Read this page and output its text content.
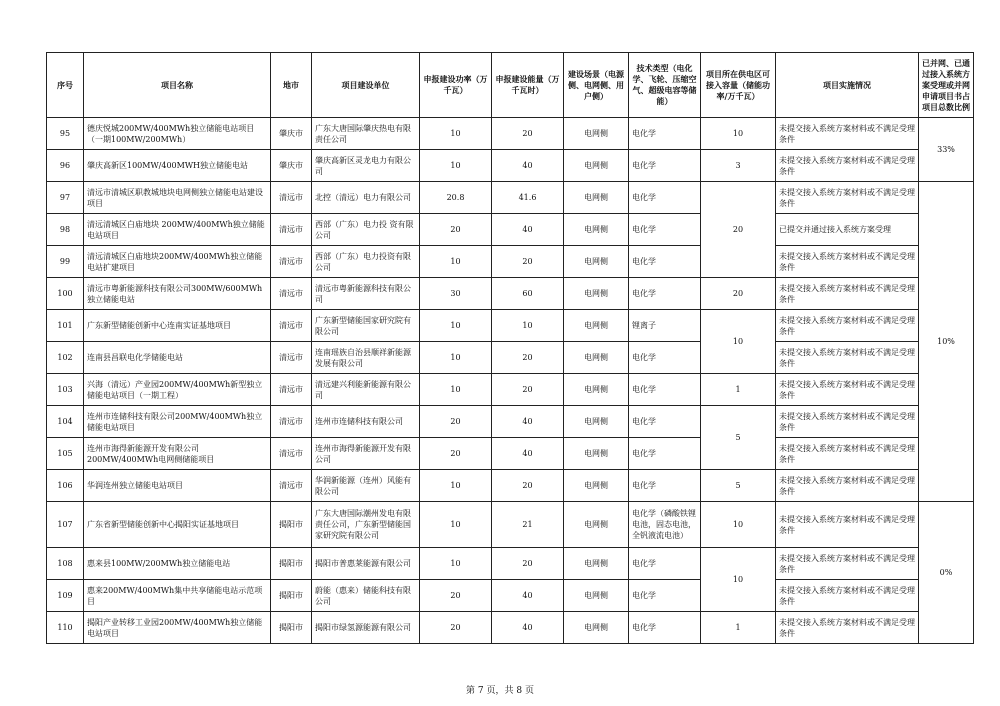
序号	项目名称	地市	项目建设单位	申报建设功率（万千瓦）	申报建设能量（万千瓦时）	建设场景（电源侧、电网侧、用户侧）	技术类型（电化学、飞轮、压缩空气、超级电容等储能）	项目所在供电区可接入容量（储能功率/万千瓦）	项目实施情况	已并网、已通过接入系统方案受理或并网申请项目书占项目总数比例
95	德庆悦城200MW/400MWh独立储能电站项目（一期100MW/200MWh）	肇庆市	广东大唐国际肇庆热电有限责任公司	10	20	电网侧	电化学	10	未提交接入系统方案材料或不满足受理条件	33%
96	肇庆高新区100MW/400MWH独立储能电站	肇庆市	肇庆高新区灵龙电力有限公司	10	40	电网侧	电化学	3	未提交接入系统方案材料或不满足受理条件	
97	清远市清城区职教城地块电网侧独立储能电站建设项目	清远市	北控（清远）电力有限公司	20.8	41.6	电网侧	电化学	20	未提交接入系统方案材料或不满足受理条件	10%
98	清远清城区白庙地块 200MW/400MWh独立储能电站项目	清远市	西部（广东）电力投 资有限公司	20	40	电网侧	电化学		已提交并通过接入系统方案受理	
99	清远清城区白庙地块200MW/400MWh独立储能电站扩建项目	清远市	西部（广东）电力投资有限公司	10	20	电网侧	电化学		未提交接入系统方案材料或不满足受理条件	
100	清远市粤新能源科技有限公司300MW/600MWh独立储能电站	清远市	清远市粤新能源科技有限公司	30	60	电网侧	电化学	20	未提交接入系统方案材料或不满足受理条件	
101	广东新型储能创新中心连南实证基地项目	清远市	广东新型储能国家研究院有限公司	10	10	电网侧	锂离子	10	未提交接入系统方案材料或不满足受理条件	
102	连南县昌联电化学储能电站	清远市	连南瑶族自治县顺祥新能源发展有限公司	10	20	电网侧	电化学		未提交接入系统方案材料或不满足受理条件	
103	兴海（清远）产业园200MW/400MWh新型独立储能电站项目（一期工程）	清远市	清远建兴利能新能源有限公司	10	20	电网侧	电化学	1	未提交接入系统方案材料或不满足受理条件	
104	连州市连储科技有限公司200MW/400MWh独立储能电站项目	清远市	连州市连储科技有限公司	20	40	电网侧	电化学	5	未提交接入系统方案材料或不满足受理条件	
105	连州市海得新能源开发有限公司200MW/400MWh电网侧储能项目	清远市	连州市海得新能源开发有限公司	20	40	电网侧	电化学		未提交接入系统方案材料或不满足受理条件	
106	华润连州独立储能电站项目	清远市	华润新能源（连州）风能有限公司	10	20	电网侧	电化学	5	未提交接入系统方案材料或不满足受理条件	
107	广东省新型储能创新中心揭阳实证基地项目	揭阳市	广东大唐国际潮州发电有限责任公司，广东新型储能国家研究院有限公司	10	21	电网侧	电化学（磷酸铁锂电池，固态电池，全钒液流电池）	10	未提交接入系统方案材料或不满足受理条件	0%
108	惠来县100MW/200MWh独立储能电站	揭阳市	揭阳市普惠莱能源有限公司	10	20	电网侧	电化学	10	未提交接入系统方案材料或不满足受理条件	
109	惠来200MW/400MWh集中共享储能电站示范项目	揭阳市	蔚能（惠来）储能科技有限公司	20	40	电网侧	电化学		未提交接入系统方案材料或不满足受理条件	
110	揭阳产业转移工业园200MW/400MWh独立储能电站项目	揭阳市	揭阳市绿氢源能源有限公司	20	40	电网侧	电化学	1	未提交接入系统方案材料或不满足受理条件	
第 7 页，共 8 页
